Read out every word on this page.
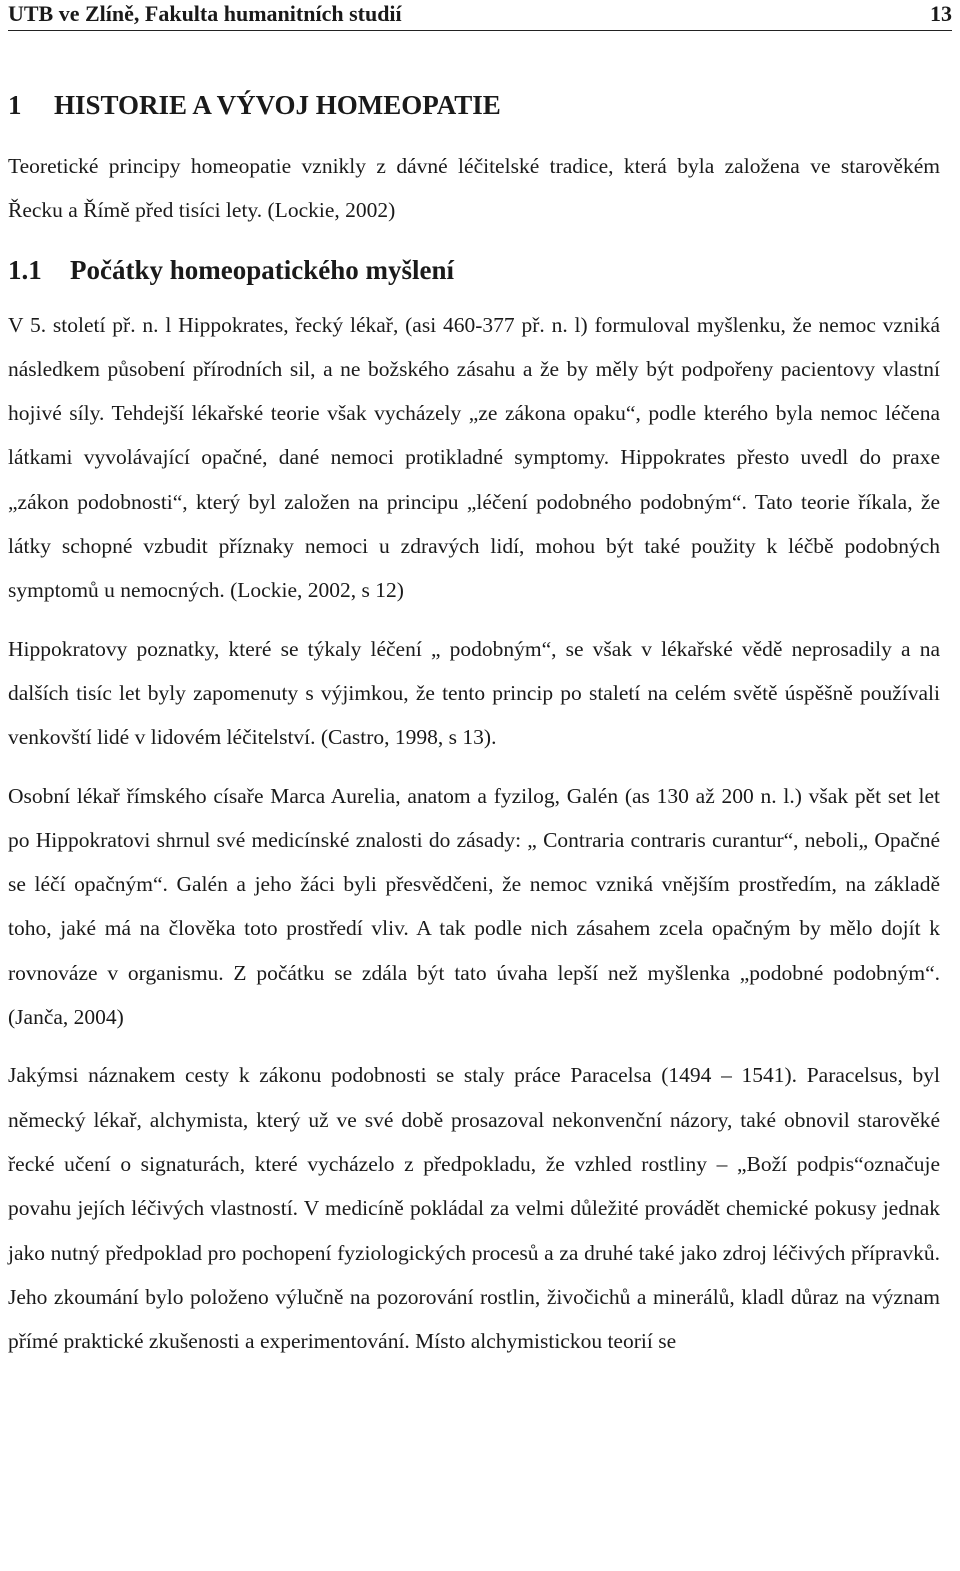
UTB ve Zlíně, Fakulta humanitních studií	13
1 HISTORIE A VÝVOJ HOMEOPATIE

Teoretické principy homeopatie vznikly z dávné léčitelské tradice, která byla založena ve starověkém Řecku a Římě před tisíci lety. (Lockie, 2002)

1.1 Počátky homeopatického myšlení

V 5. století př. n. l Hippokrates, řecký lékař, (asi 460-377 př. n. l) formuloval myšlenku, že nemoc vzniká následkem působení přírodních sil, a ne božského zásahu a že by měly být podpořeny pacientovy vlastní hojivé síly. Tehdejší lékařské teorie však vycházely „ze zákona opaku“, podle kterého byla nemoc léčena látkami vyvolávající opačné, dané nemoci protikladné symptomy. Hippokrates přesto uvedl do praxe „zákon podobnosti“, který byl založen na principu „léčení podobného podobným“. Tato teorie říkala, že látky schopné vzbudit příznaky nemoci u zdravých lidí, mohou být také použity k léčbě podobných symptomů u nemocných. (Lockie, 2002, s 12)

Hippokratovy poznatky, které se týkaly léčení „ podobným“, se však v lékařské vědě neprosadily a na dalších tisíc let byly zapomenuty s výjimkou, že tento princip po staletí na celém světě úspěšně používali venkovští lidé v lidovém léčitelství. (Castro, 1998, s 13).

Osobní lékař římského císaře Marca Aurelia, anatom a fyzilog, Galén (as 130 až 200 n. l.) však pět set let po Hippokratovi shrnul své medicínské znalosti do zásady: „ Contraria contraris curantur“, neboli„ Opačné se léčí opačným“. Galén a jeho žáci byli přesvědčeni, že nemoc vzniká vnějším prostředím, na základě toho, jaké má na člověka toto prostředí vliv. A tak podle nich zásahem zcela opačným by mělo dojít k rovnováze v organismu. Z počátku se zdála být tato úvaha lepší než myšlenka „podobné podobným“. (Janča, 2004)

Jakýmsi náznakem cesty k zákonu podobnosti se staly práce Paracelsa (1494 – 1541). Paracelsus, byl německý lékař, alchymista, který už ve své době prosazoval nekonvenční názory, také obnovil starověké řecké učení o signaturách, které vycházelo z předpokladu, že vzhled rostliny – „Boží podpis“označuje povahu jejích léčivých vlastností. V medicíně pokládal za velmi důležité provádět chemické pokusy jednak jako nutný předpoklad pro pochopení fyziologických procesů a za druhé také jako zdroj léčivých přípravků. Jeho zkoumání bylo položeno výlučně na pozorování rostlin, živočichů a minerálů, kladl důraz na význam přímé praktické zkušenosti a experimentování. Místo alchymistickou teorií se
